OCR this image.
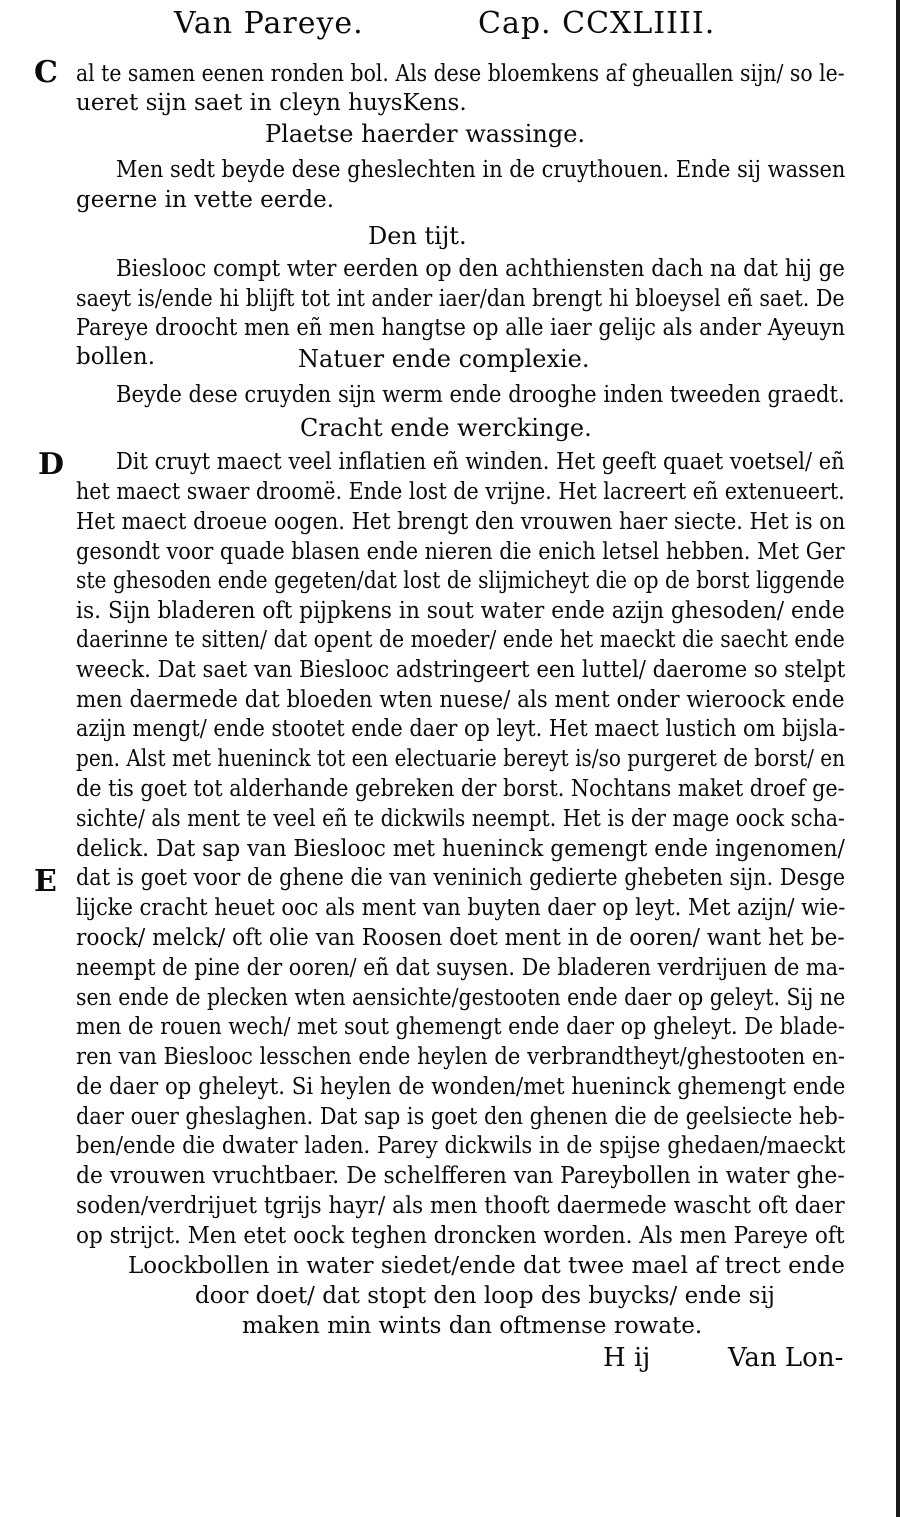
Van Pareye.	Cap. CCXLIIII.
C
D
E
al te samen eenen ronden bol. Als dese bloemkens af gheuallen sijn/ so le-
ueret sijn saet in cleyn huysKens.
Plaetse haerder wassinge.
Men sedt beyde dese gheslechten in de cruythouen. Ende sij wassen
geerne in vette eerde.
Den tijt.
Bieslooc compt wter eerden op den achthiensten dach na dat hij ge
saeyt is/ende hi blijft tot int ander iaer/dan brengt hi bloeysel eñ saet. De
Pareye droocht men eñ men hangtse op alle iaer gelijc als ander Ayeuyn
bollen.	Natuer ende complexie.
Beyde dese cruyden sijn werm ende drooghe inden tweeden graedt.
Cracht ende werckinge.
Dit cruyt maect veel inflatien eñ winden. Het geeft quaet voetsel/ eñ
het maect swaer droomë. Ende lost de vrijne. Het lacreert eñ extenueert.
Het maect droeue oogen. Het brengt den vrouwen haer siecte. Het is on
gesondt voor quade blasen ende nieren die enich letsel hebben. Met Ger
ste ghesoden ende gegeten/dat lost de slijmicheyt die op de borst liggende
is. Sijn bladeren oft pijpkens in sout water ende azijn ghesoden/ ende
daerinne te sitten/ dat opent de moeder/ ende het maeckt die saecht ende
weeck. Dat saet van Bieslooc adstringeert een luttel/ daerome so stelpt
men daermede dat bloeden wten nuese/ als ment onder wieroock ende
azijn mengt/ ende stootet ende daer op leyt. Het maect lustich om bijsla-
pen. Alst met hueninck tot een electuarie bereyt is/so purgeret de borst/ en
de tis goet tot alderhande gebreken der borst. Nochtans maket droef ge-
sichte/ als ment te veel eñ te dickwils neempt. Het is der mage oock scha-
delick. Dat sap van Bieslooc met hueninck gemengt ende ingenomen/
dat is goet voor de ghene die van veninich gedierte ghebeten sijn. Desge
lijcke cracht heuet ooc als ment van buyten daer op leyt. Met azijn/ wie-
roock/ melck/ oft olie van Roosen doet ment in de ooren/ want het be-
neempt de pine der ooren/ eñ dat suysen. De bladeren verdrijuen de ma-
sen ende de plecken wten aensichte/gestooten ende daer op geleyt. Sij ne
men de rouen wech/ met sout ghemengt ende daer op gheleyt. De blade-
ren van Bieslooc lesschen ende heylen de verbrandtheyt/ghestooten en-
de daer op gheleyt. Si heylen de wonden/met hueninck ghemengt ende
daer ouer gheslaghen. Dat sap is goet den ghenen die de geelsiecte heb-
ben/ende die dwater laden. Parey dickwils in de spijse ghedaen/maeckt
de vrouwen vruchtbaer. De schelfferen van Pareybollen in water ghe-
soden/verdrijuet tgrijs hayr/ als men thooft daermede wascht oft daer
op strijct. Men etet oock teghen droncken worden. Als men Pareye oft
Loockbollen in water siedet/ende dat twee mael af trect ende
door doet/ dat stopt den loop des buycks/ ende sij
maken min wints dan oftmense rowate.
H ij	Van Lon-
